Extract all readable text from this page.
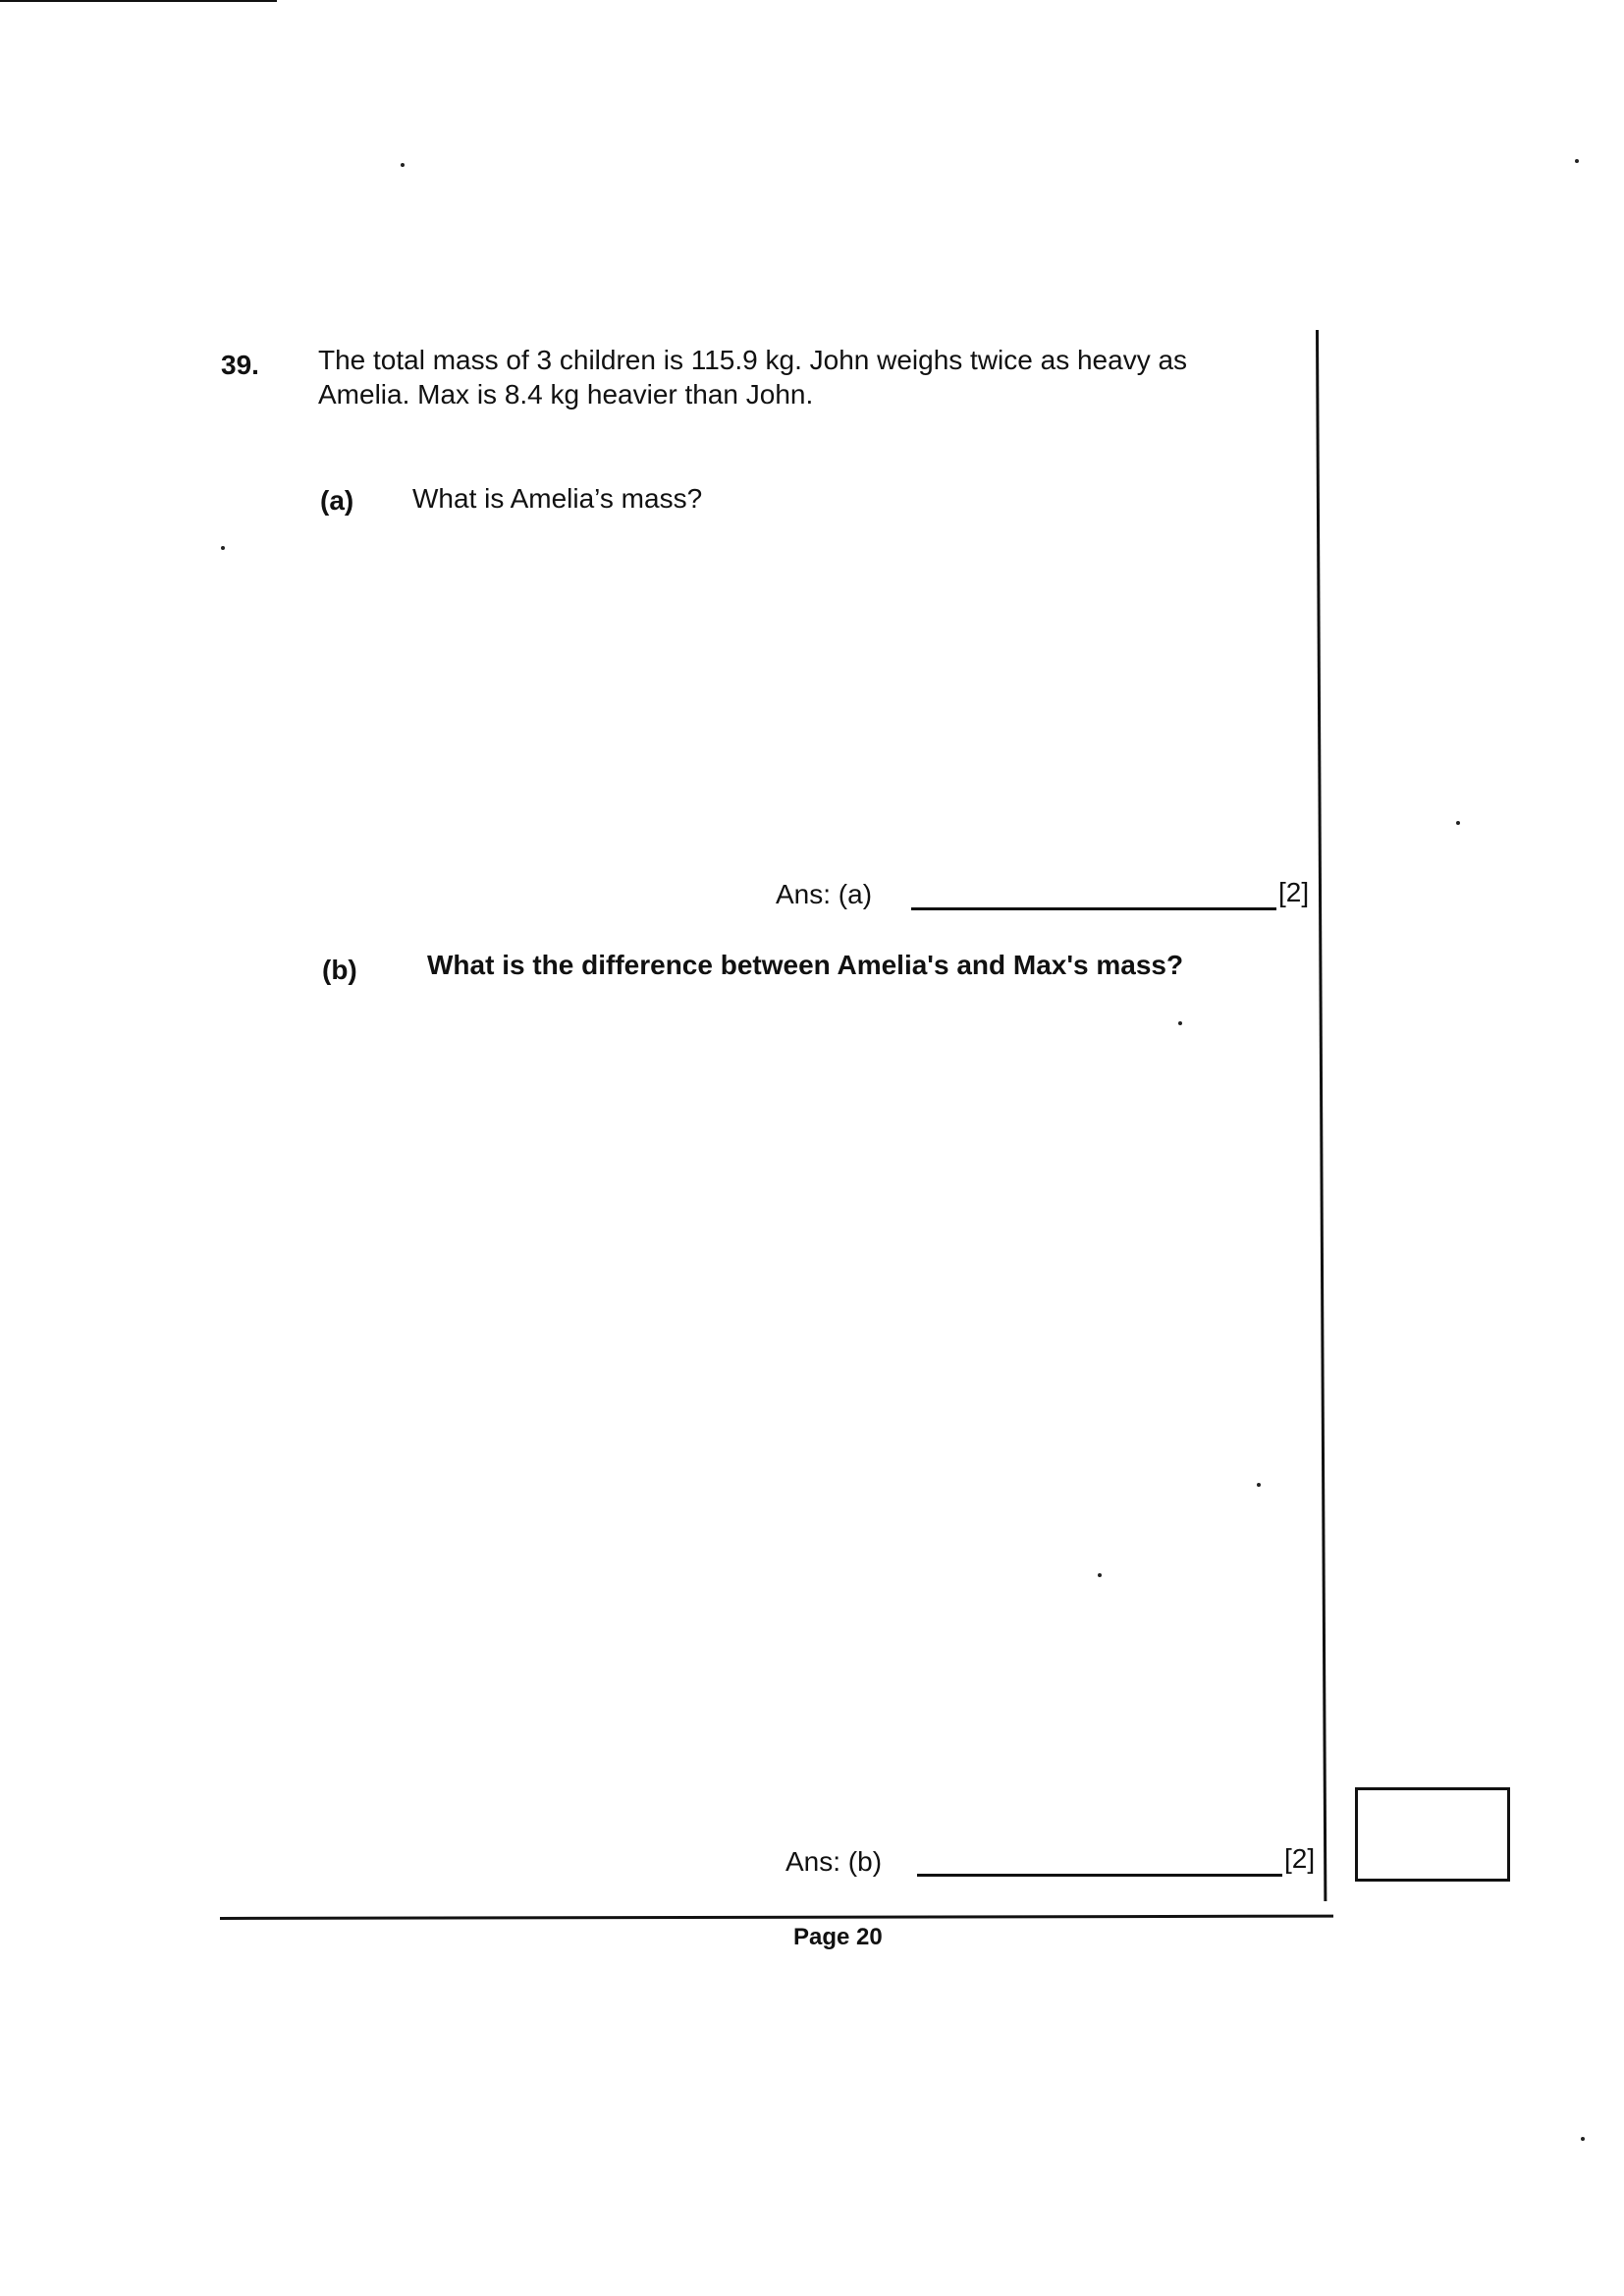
39. The total mass of 3 children is 115.9 kg. John weighs twice as heavy as
Amelia. Max is 8.4 kg heavier than John.
(a) What is Amelia’s mass?
Ans: (a)	[2]
(b)	What is the difference between Amelia's and Max's mass?
Ans: (b)	[2]
Page 20
